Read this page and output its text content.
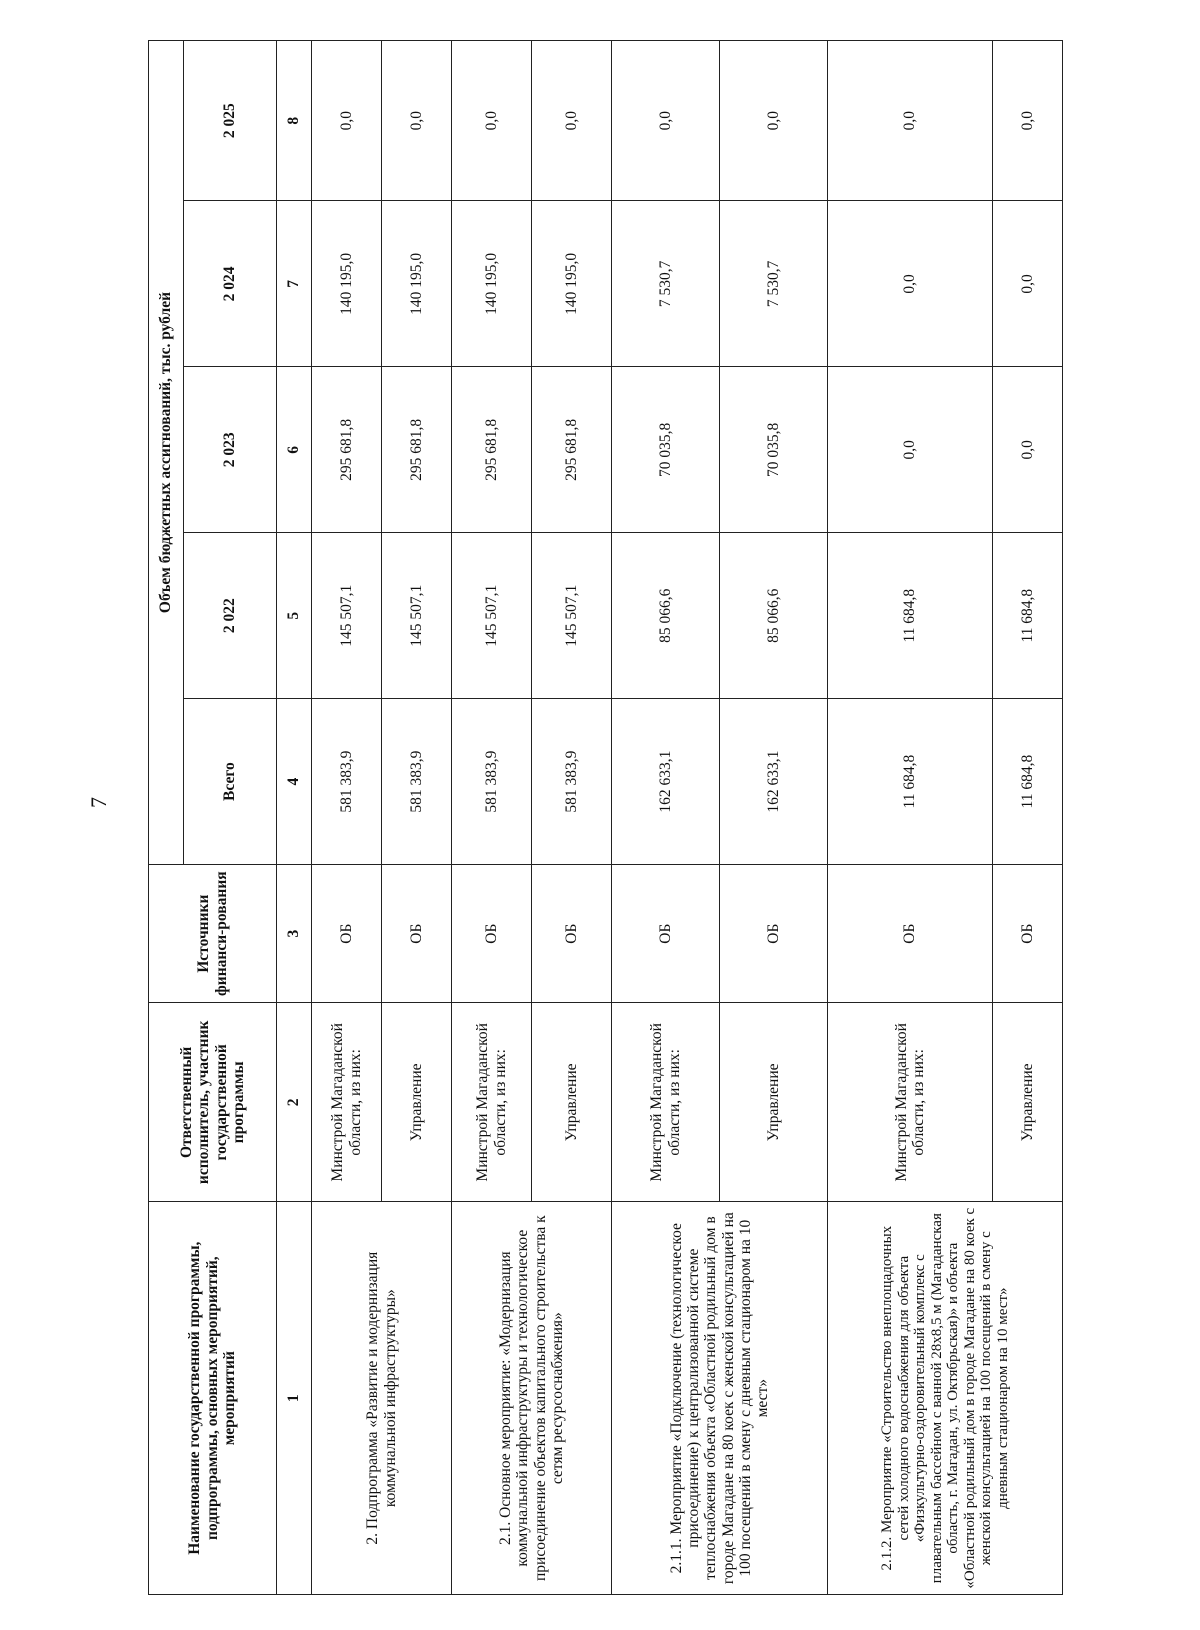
7
Наименование государственной программы, подпрограммы, основных мероприятий, мероприятий	Ответственный исполнитель, участник государственной программы	Источники финанси-рования	Объем бюджетных ассигнований, тыс. рублей				
			Всего	2 022	2 023	2 024	2 025
1	2	3	4	5	6	7	8
2. Подпрограмма «Развитие и модернизация коммунальной инфраструктуры»	Минстрой Магаданской области, из них:	ОБ	581 383,9	145 507,1	295 681,8	140 195,0	0,0
	Управление	ОБ	581 383,9	145 507,1	295 681,8	140 195,0	0,0
2.1. Основное мероприятие: «Модернизация коммунальной инфраструктуры и технологическое присоединение объектов капитального строительства к сетям ресурсоснабжения»	Минстрой Магаданской области, из них:	ОБ	581 383,9	145 507,1	295 681,8	140 195,0	0,0
	Управление	ОБ	581 383,9	145 507,1	295 681,8	140 195,0	0,0
2.1.1. Мероприятие «Подключение (технологическое присоединение) к централизованной системе теплоснабжения объекта «Областной родильный дом в городе Магадане на 80 коек с женской консультацией на 100 посещений в смену с дневным стационаром на 10 мест»	Минстрой Магаданской области, из них:	ОБ	162 633,1	85 066,6	70 035,8	7 530,7	0,0
	Управление	ОБ	162 633,1	85 066,6	70 035,8	7 530,7	0,0
2.1.2. Мероприятие «Строительство внеплощадочных сетей холодного водоснабжения для объекта «Физкультурно-оздоровительный комплекс с плавательным бассейном с ванной 28х8,5 м (Магаданская область, г. Магадан, ул. Октябрьская)» и объекта «Областной родильный дом в городе Магадане на 80 коек с женской консультацией на 100 посещений в смену с дневным стационаром на 10 мест»	Минстрой Магаданской области, из них:	ОБ	11 684,8	11 684,8	0,0	0,0	0,0
	Управление	ОБ	11 684,8	11 684,8	0,0	0,0	0,0
